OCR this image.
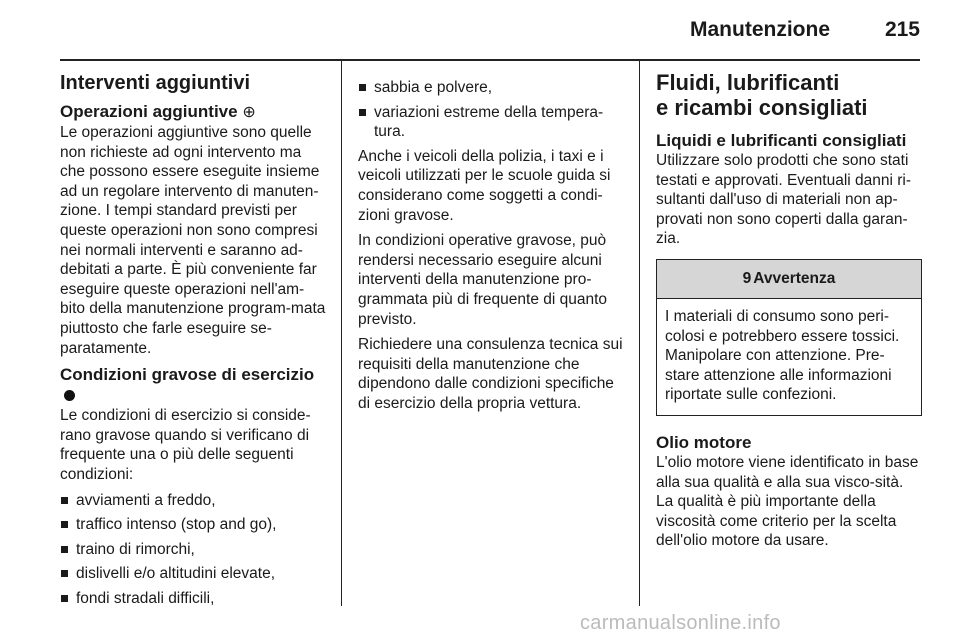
Manutenzione	215
Interventi aggiuntivi
Operazioni aggiuntive ⊕

Le operazioni aggiuntive sono quelle non richieste ad ogni intervento ma che possono essere eseguite insieme ad un regolare intervento di manuten-zione. I tempi standard previsti per queste operazioni non sono compresi nei normali interventi e saranno ad-debitati a parte. È più conveniente far eseguire queste operazioni nell'am-bito della manutenzione program-mata piuttosto che farle eseguire se-paratamente.

Condizioni gravose di esercizio

Le condizioni di esercizio si conside-rano gravose quando si verificano di frequente una o più delle seguenti condizioni:

avviamenti a freddo,
traffico intenso (stop and go),
traino di rimorchi,
dislivelli e/o altitudini elevate,
fondi stradali difficili,
sabbia e polvere,
variazioni estreme della tempera-tura.

Anche i veicoli della polizia, i taxi e i veicoli utilizzati per le scuole guida si considerano come soggetti a condi-zioni gravose.

In condizioni operative gravose, può rendersi necessario eseguire alcuni interventi della manutenzione pro-grammata più di frequente di quanto previsto.

Richiedere una consulenza tecnica sui requisiti della manutenzione che dipendono dalle condizioni specifiche di esercizio della propria vettura.

Fluidi, lubrificanti
e ricambi consigliati
Liquidi e lubrificanti consigliati

Utilizzare solo prodotti che sono stati testati e approvati. Eventuali danni ri-sultanti dall'uso di materiali non ap-provati non sono coperti dalla garan-zia.

9 Avvertenza
I materiali di consumo sono peri-colosi e potrebbero essere tossici. Manipolare con attenzione. Pre-stare attenzione alle informazioni riportate sulle confezioni.
Olio motore

L'olio motore viene identificato in base alla sua qualità e alla sua visco-sità. La qualità è più importante della viscosità come criterio per la scelta dell'olio motore da usare.

carmanualsonline.info
